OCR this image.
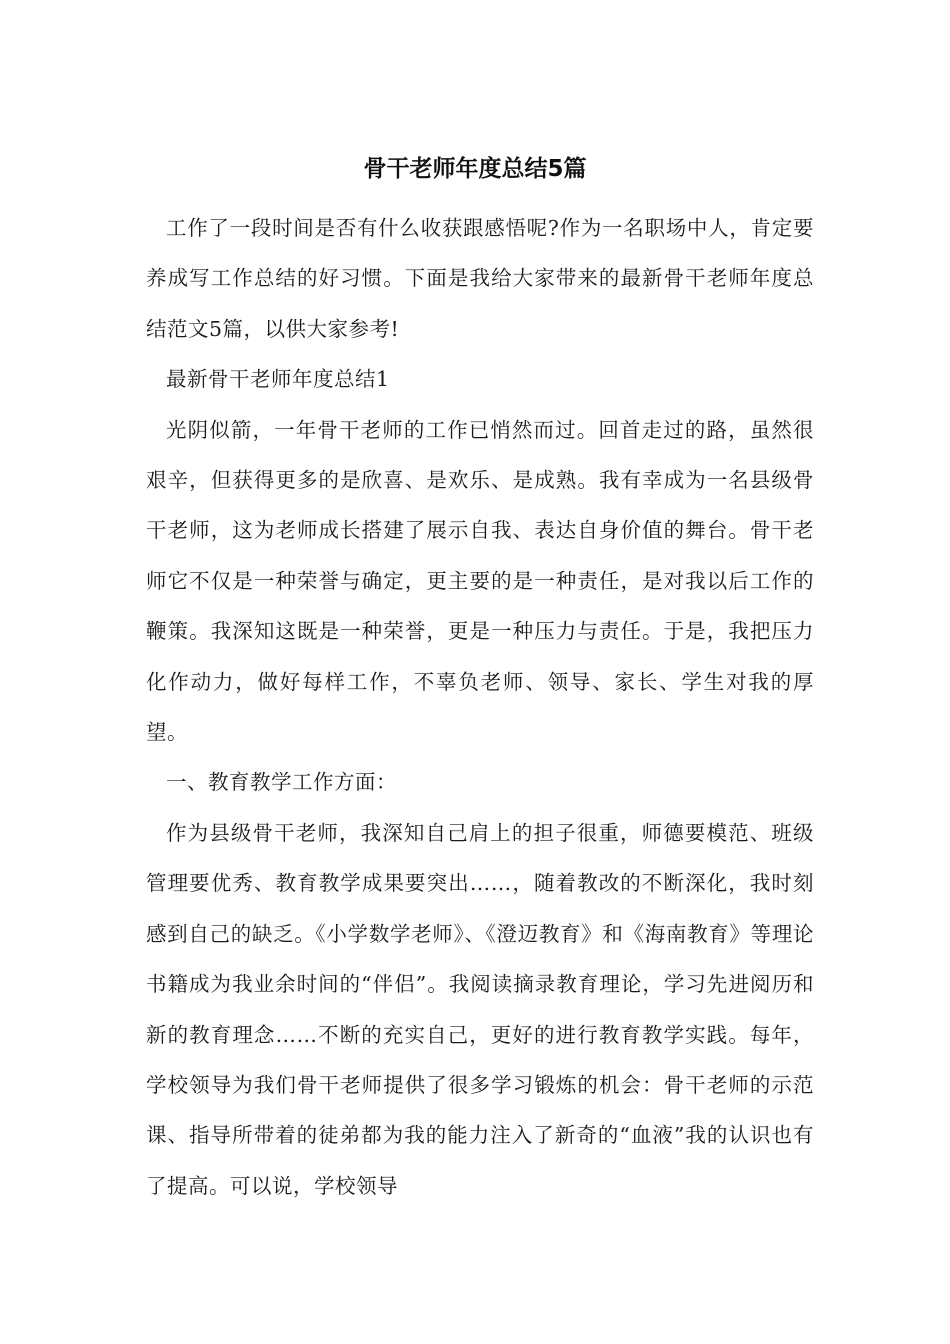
骨干老师年度总结5篇

工作了一段时间是否有什么收获跟感悟呢?作为一名职场中人，肯定要养成写工作总结的好习惯。下面是我给大家带来的最新骨干老师年度总结范文5篇，以供大家参考!

最新骨干老师年度总结1

光阴似箭，一年骨干老师的工作已悄然而过。回首走过的路，虽然很艰辛，但获得更多的是欣喜、是欢乐、是成熟。我有幸成为一名县级骨干老师，这为老师成长搭建了展示自我、表达自身价值的舞台。骨干老师它不仅是一种荣誉与确定，更主要的是一种责任，是对我以后工作的鞭策。我深知这既是一种荣誉，更是一种压力与责任。于是，我把压力化作动力，做好每样工作，不辜负老师、领导、家长、学生对我的厚望。

一、教育教学工作方面：

作为县级骨干老师，我深知自己肩上的担子很重，师德要模范、班级管理要优秀、教育教学成果要突出……，随着教改的不断深化，我时刻感到自己的缺乏。《小学数学老师》、《澄迈教育》和《海南教育》等理论书籍成为我业余时间的“伴侣”。我阅读摘录教育理论，学习先进阅历和新的教育理念……不断的充实自己，更好的进行教育教学实践。每年，学校领导为我们骨干老师提供了很多学习锻炼的机会：骨干老师的示范课、指导所带着的徒弟都为我的能力注入了新奇的“血液”我的认识也有了提高。可以说，学校领导
